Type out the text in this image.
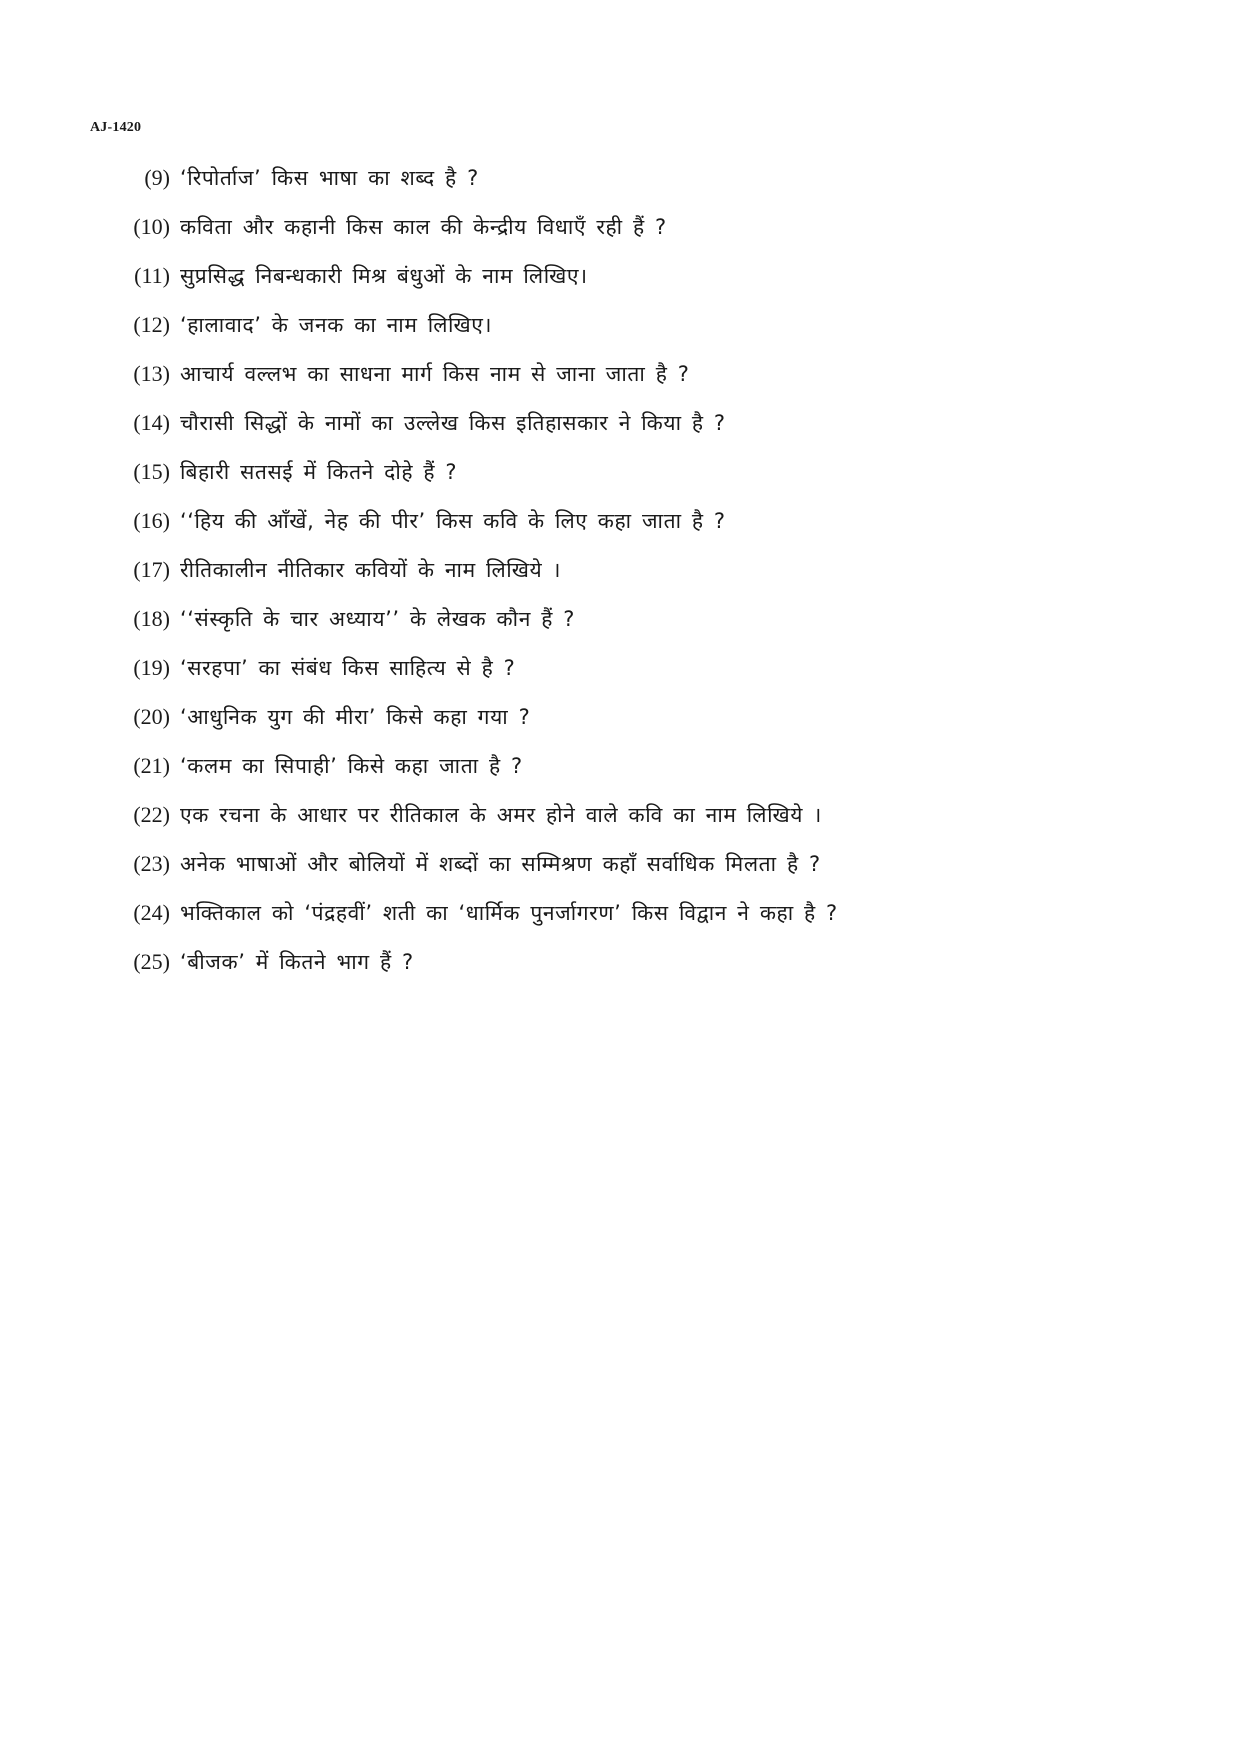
AJ-1420
(9) ‘रिपोर्ताज’ किस भाषा का शब्द है ?
(10) कविता और कहानी किस काल की केन्द्रीय विधाएँ रही हैं ?
(11) सुप्रसिद्ध निबन्धकारी मिश्र बंधुओं के नाम लिखिए।
(12) ‘हालावाद’ के जनक का नाम लिखिए।
(13) आचार्य वल्लभ का साधना मार्ग किस नाम से जाना जाता है ?
(14) चौरासी सिद्धों के नामों का उल्लेख किस इतिहासकार ने किया है ?
(15) बिहारी सतसई में कितने दोहे हैं ?
(16) ‘‘हिय की आँखें, नेह की पीर’ किस कवि के लिए कहा जाता है ?
(17) रीतिकालीन नीतिकार कवियों के नाम लिखिये ।
(18) ‘‘संस्कृति के चार अध्याय’’ के लेखक कौन हैं ?
(19) ‘सरहपा’ का संबंध किस साहित्य से है ?
(20) ‘आधुनिक युग की मीरा’ किसे कहा गया ?
(21) ‘कलम का सिपाही’ किसे कहा जाता है ?
(22) एक रचना के आधार पर रीतिकाल के अमर होने वाले कवि का नाम लिखिये ।
(23) अनेक भाषाओं और बोलियों में शब्दों का सम्मिश्रण कहाँ सर्वाधिक मिलता है ?
(24) भक्तिकाल को ‘पंद्रहवीं’ शती का ‘धार्मिक पुनर्जागरण’ किस विद्वान ने कहा है ?
(25) ‘बीजक’ में कितने भाग हैं ?
